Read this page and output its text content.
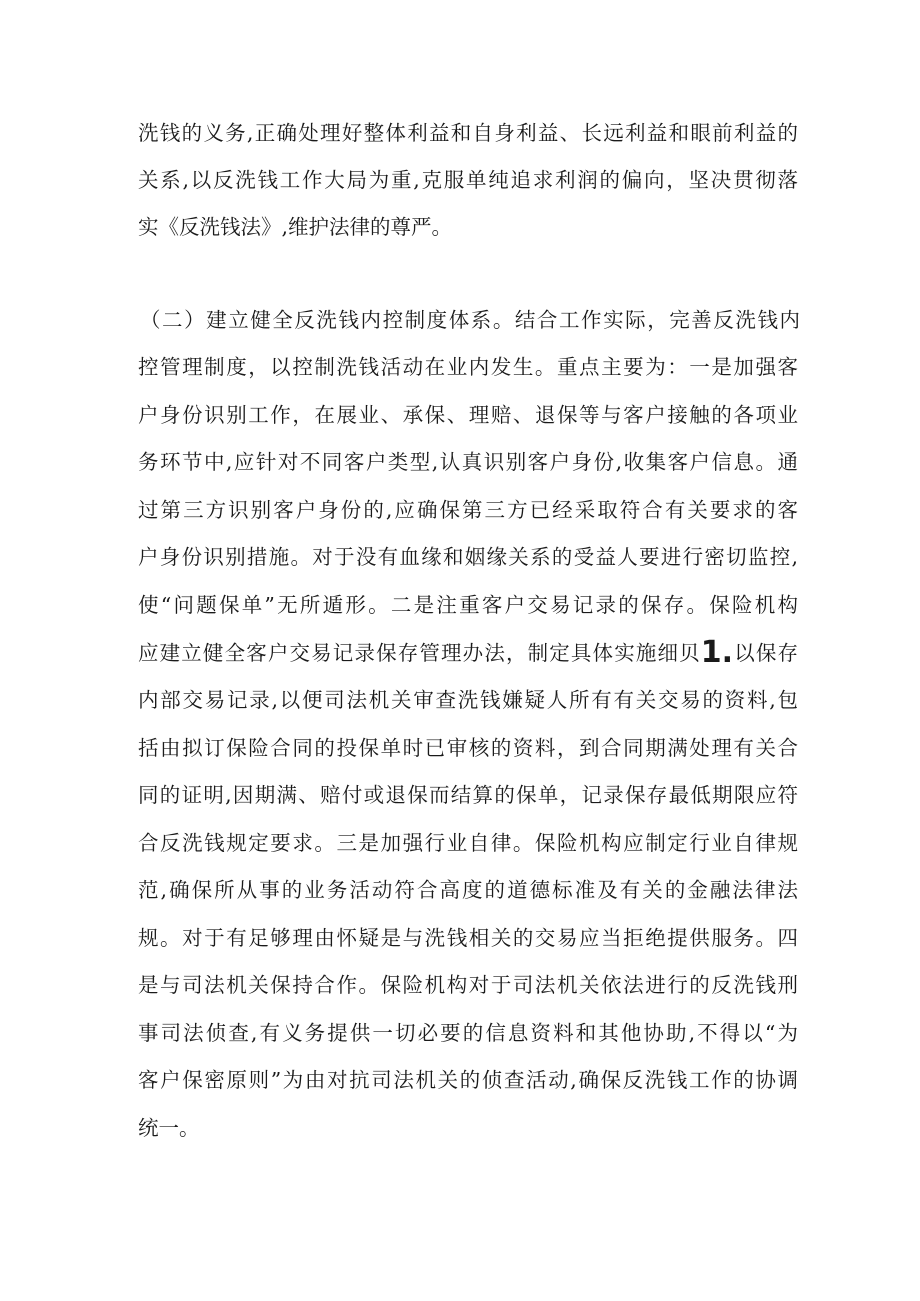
洗钱的义务,正确处理好整体利益和自身利益、长远利益和眼前利益的
关系,以反洗钱工作大局为重,克服单纯追求利润的偏向，坚决贯彻落
实《反洗钱法》,维护法律的尊严。
（二）建立健全反洗钱内控制度体系。结合工作实际，完善反洗钱内
控管理制度，以控制洗钱活动在业内发生。重点主要为：一是加强客
户身份识别工作，在展业、承保、理赔、退保等与客户接触的各项业
务环节中,应针对不同客户类型,认真识别客户身份,收集客户信息。通
过第三方识别客户身份的,应确保第三方已经采取符合有关要求的客
户身份识别措施。对于没有血缘和姻缘关系的受益人要进行密切监控,
使“问题保单”无所遁形。二是注重客户交易记录的保存。保险机构
应建立健全客户交易记录保存管理办法，制定具体实施细贝1.以保存
内部交易记录,以便司法机关审查洗钱嫌疑人所有有关交易的资料,包
括由拟订保险合同的投保单时已审核的资料，到合同期满处理有关合
同的证明,因期满、赔付或退保而结算的保单，记录保存最低期限应符
合反洗钱规定要求。三是加强行业自律。保险机构应制定行业自律规
范,确保所从事的业务活动符合高度的道德标准及有关的金融法律法
规。对于有足够理由怀疑是与洗钱相关的交易应当拒绝提供服务。四
是与司法机关保持合作。保险机构对于司法机关依法进行的反洗钱刑
事司法侦查,有义务提供一切必要的信息资料和其他协助,不得以“为
客户保密原则”为由对抗司法机关的侦查活动,确保反洗钱工作的协调
统一。
